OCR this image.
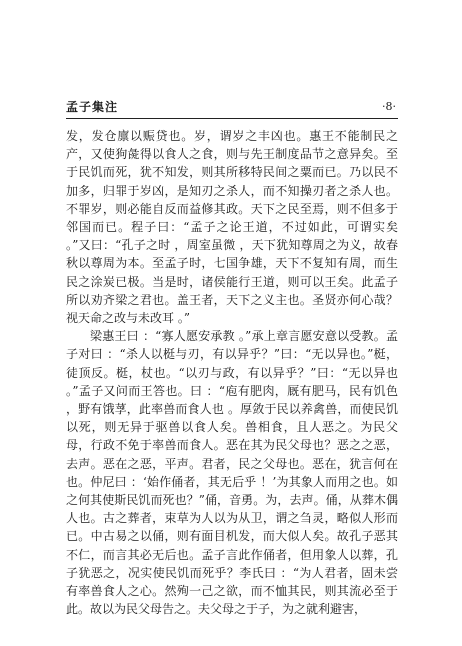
孟子集注	·8·

发，发仓廪以赈贷也。岁，谓岁之丰凶也。惠王不能制民之产，又使狗彘得以食人之食，则与先王制度品节之意异矣。至于民饥而死，犹不知发，则其所移特民间之粟而已。乃以民不加多，归罪于岁凶，是知刃之杀人，而不知操刃者之杀人也。不罪岁，则必能自反而益修其政。天下之民至焉，则不但多于邻国而已。程子曰：“孟子之论王道，不过如此，可谓实矣 。”又曰：“孔子之时 ，周室虽微 ，天下犹知尊周之为义，故春秋以尊周为本。至孟子时，七国争雄，天下不复知有周，而生民之涂炭已极。当是时，诸侯能行王道，则可以王矣。此孟子所以劝齐梁之君也。盖王者，天下之义主也。圣贤亦何心哉？视天命之改与未改耳 。”

梁惠王曰 ：“寡人愿安承教 。”承上章言愿安意以受教。孟子对曰 ：“杀人以梃与刃，有以异乎？”曰：“无以异也。”梃，徒顶反。梃，杖也。“以刃与政，有以异乎？”曰：“无以异也 。”孟子又问而王答也。曰 ：“庖有肥肉，厩有肥马，民有饥色 ，野有饿莩，此率兽而食人也 。厚敛于民以养禽兽，而使民饥以死，则无异于驱兽以食人矣。兽相食，且人恶之。为民父母，行政不免于率兽而食人。恶在其为民父母也？恶之之恶，去声。恶在之恶，平声。君者，民之父母也。恶在，犹言何在也。仲尼曰 ：‘始作俑者，其无后乎 ！’为其象人而用之也。如之何其使斯民饥而死也？”俑，音勇。为，去声。俑，从葬木偶人也。古之葬者，束草为人以为从卫，谓之刍灵，略似人形而已。中古易之以俑，则有面目机发，而大似人矣。故孔子恶其不仁，而言其必无后也。孟子言此作俑者，但用象人以葬，孔子犹恶之，况实使民饥而死乎？李氏曰 ：“为人君者，固未尝有率兽食人之心。然殉一己之欲，而不恤其民，则其流必至于此。故以为民父母告之。夫父母之于子，为之就利避害，
